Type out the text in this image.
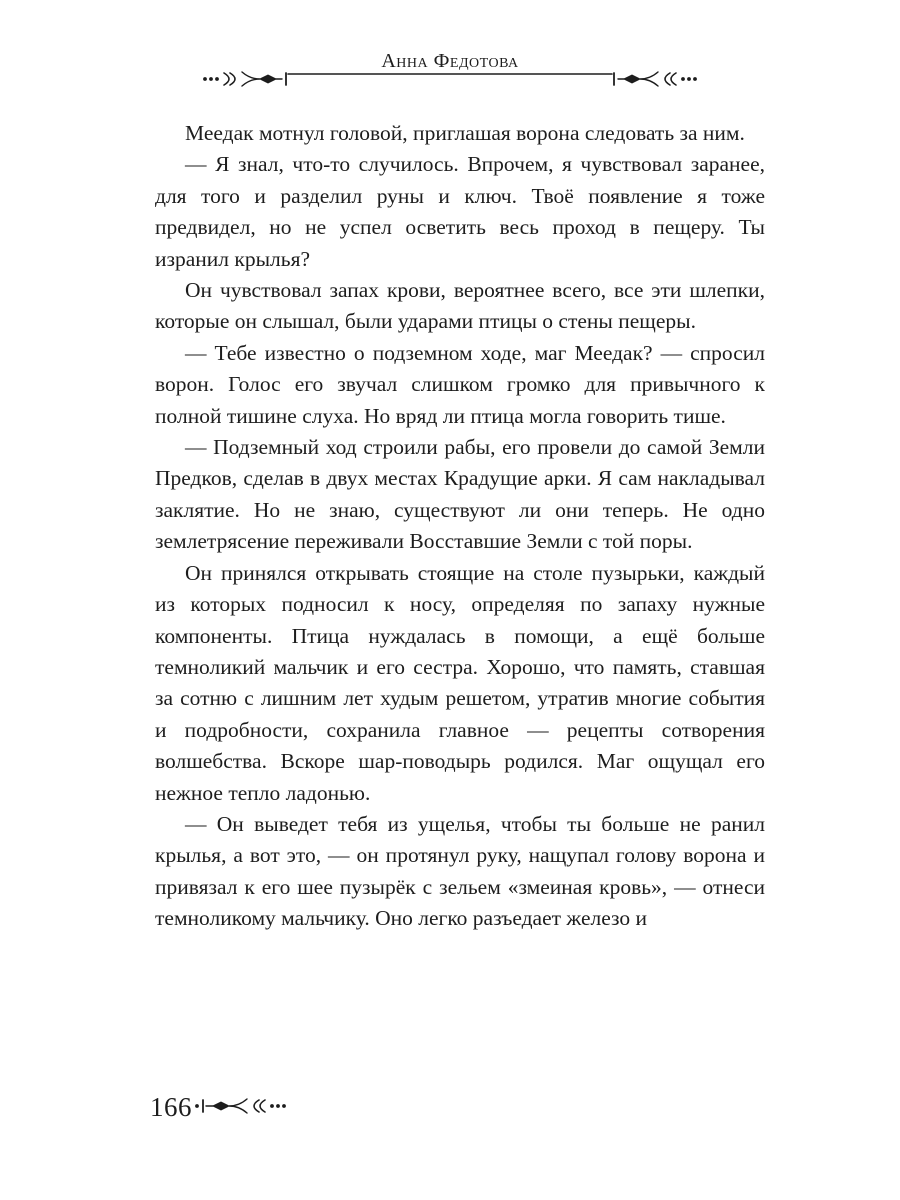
Анна Федотова

Меедак мотнул головой, приглашая ворона следовать за ним.

— Я знал, что-то случилось. Впрочем, я чувствовал заранее, для того и разделил руны и ключ. Твоё появление я тоже предвидел, но не успел осветить весь проход в пещеру. Ты изранил крылья?

Он чувствовал запах крови, вероятнее всего, все эти шлепки, которые он слышал, были ударами птицы о стены пещеры.

— Тебе известно о подземном ходе, маг Меедак? — спросил ворон. Голос его звучал слишком громко для привычного к полной тишине слуха. Но вряд ли птица могла говорить тише.

— Подземный ход строили рабы, его провели до самой Земли Предков, сделав в двух местах Крадущие арки. Я сам накладывал заклятие. Но не знаю, существуют ли они теперь. Не одно землетрясение переживали Восставшие Земли с той поры.

Он принялся открывать стоящие на столе пузырьки, каждый из которых подносил к носу, определяя по запаху нужные компоненты. Птица нуждалась в помощи, а ещё больше темноликий мальчик и его сестра. Хорошо, что память, ставшая за сотню с лишним лет худым решетом, утратив многие события и подробности, сохранила главное — рецепты сотворения волшебства. Вскоре шар-поводырь родился. Маг ощущал его нежное тепло ладонью.

— Он выведет тебя из ущелья, чтобы ты больше не ранил крылья, а вот это, — он протянул руку, нащупал голову ворона и привязал к его шее пузырёк с зельем «змеиная кровь», — отнеси темноликому мальчику. Оно легко разъедает железо и

166
